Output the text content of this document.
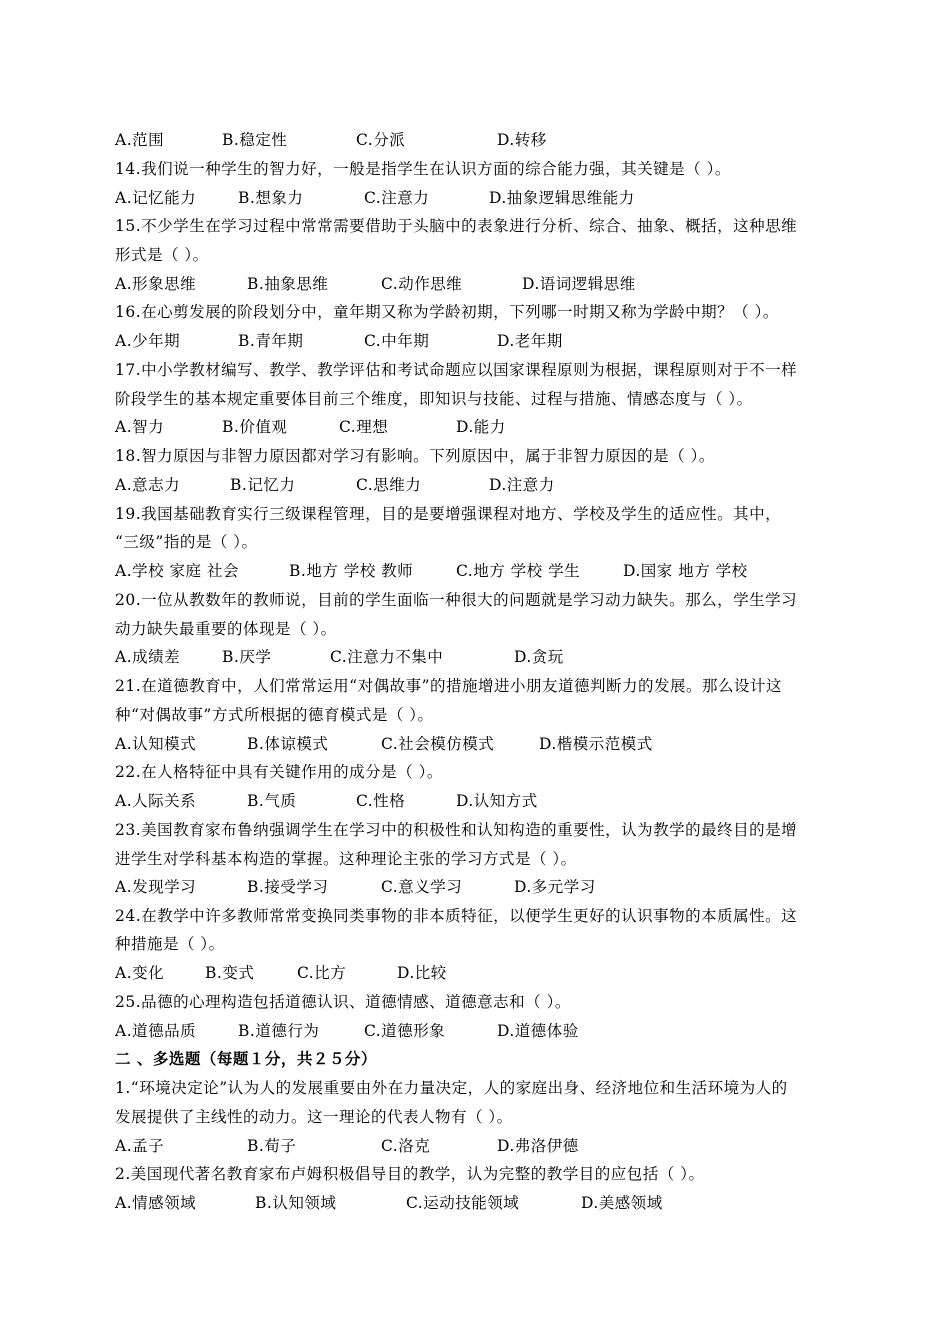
A.范围	B.稳定性	C.分派	D.转移
14.我们说一种学生的智力好，一般是指学生在认识方面的综合能力强，其关键是（ ）。
A.记忆能力	B.想象力	C.注意力	D.抽象逻辑思维能力
15.不少学生在学习过程中常常需要借助于头脑中的表象进行分析、综合、抽象、概括，这种思维
形式是（ ）。
A.形象思维	B.抽象思维	C.动作思维	D.语词逻辑思维
16.在心剪发展的阶段划分中，童年期又称为学龄初期，下列哪一时期又称为学龄中期？（ ）。
A.少年期	B.青年期	C.中年期	D.老年期
17.中小学教材编写、教学、教学评估和考试命题应以国家课程原则为根据，课程原则对于不一样
阶段学生的基本规定重要体目前三个维度，即知识与技能、过程与措施、情感态度与（ ）。
A.智力	B.价值观	C.理想	D.能力
18.智力原因与非智力原因都对学习有影响。下列原因中，属于非智力原因的是（ ）。
A.意志力	B.记忆力	C.思维力	D.注意力
19.我国基础教育实行三级课程管理，目的是要增强课程对地方、学校及学生的适应性。其中，
“三级”指的是（ ）。
A.学校 家庭 社会	B.地方 学校 教师	C.地方 学校 学生	D.国家 地方 学校
20.一位从教数年的教师说，目前的学生面临一种很大的问题就是学习动力缺失。那么，学生学习
动力缺失最重要的体现是（ ）。
A.成绩差	B.厌学	C.注意力不集中	D.贪玩
21.在道德教育中，人们常常运用“对偶故事”的措施增进小朋友道德判断力的发展。那么设计这
种“对偶故事”方式所根据的德育模式是（ ）。
A.认知模式	B.体谅模式	C.社会模仿模式	D.楷模示范模式
22.在人格特征中具有关键作用的成分是（ ）。
A.人际关系	B.气质	C.性格	D.认知方式
23.美国教育家布鲁纳强调学生在学习中的积极性和认知构造的重要性，认为教学的最终目的是增
进学生对学科基本构造的掌握。这种理论主张的学习方式是（ ）。
A.发现学习	B.接受学习	C.意义学习	D.多元学习
24.在教学中许多教师常常变换同类事物的非本质特征，以便学生更好的认识事物的本质属性。这
种措施是（ ）。
A.变化	B.变式	C.比方	D.比较
25.品德的心理构造包括道德认识、道德情感、道德意志和（ ）。
A.道德品质	B.道德行为	C.道德形象	D.道德体验
二 、多选题（每题１分，共２５分）
1.“环境决定论”认为人的发展重要由外在力量决定，人的家庭出身、经济地位和生活环境为人的
发展提供了主线性的动力。这一理论的代表人物有（ ）。
A.孟子	B.荀子	C.洛克	D.弗洛伊德
2.美国现代著名教育家布卢姆积极倡导目的教学，认为完整的教学目的应包括（ ）。
A.情感领域	B.认知领域	C.运动技能领域	D.美感领域
